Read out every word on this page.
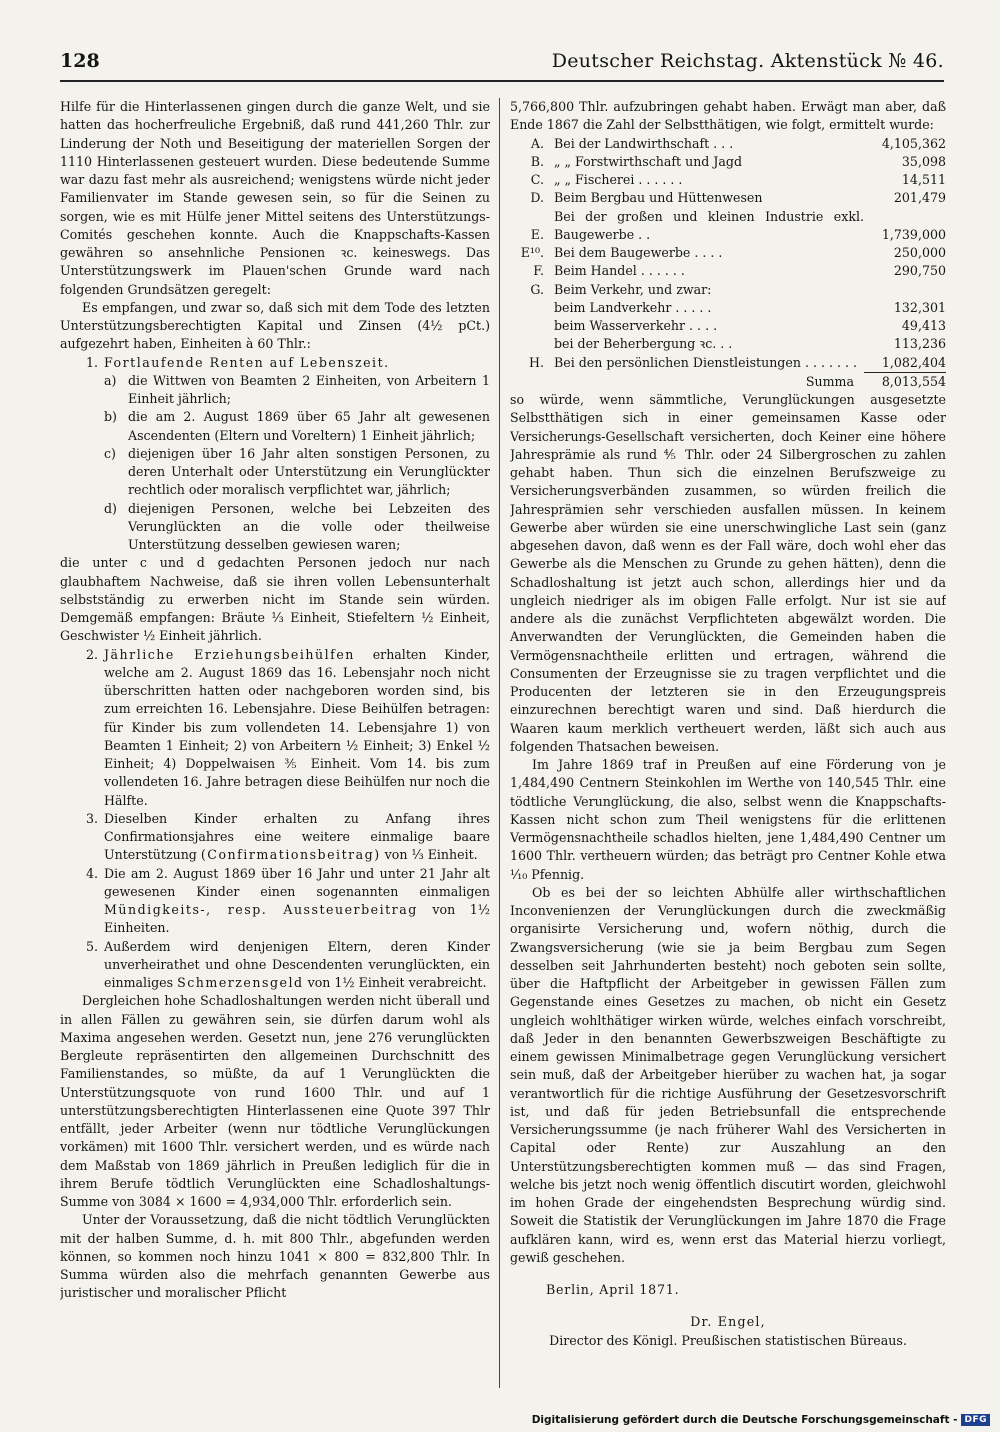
128	Deutscher Reichstag. Aktenstück № 46.

Hilfe für die Hinterlassenen gingen durch die ganze Welt, und sie hatten das hocherfreuliche Ergebniß, daß rund 441,260 Thlr. zur Linderung der Noth und Beseitigung der materiellen Sorgen der 1110 Hinterlassenen gesteuert wurden. Diese bedeutende Summe war dazu fast mehr als ausreichend; wenigstens würde nicht jeder Familienvater im Stande gewesen sein, so für die Seinen zu sorgen, wie es mit Hülfe jener Mittel seitens des Unterstützungs-Comités geschehen konnte. Auch die Knappschafts-Kassen gewähren so ansehnliche Pensionen ꝛc. keineswegs. Das Unterstützungswerk im Plauen'schen Grunde ward nach folgenden Grundsätzen geregelt:

Es empfangen, und zwar so, daß sich mit dem Tode des letzten Unterstützungsberechtigten Kapital und Zinsen (4½ pCt.) aufgezehrt haben, Einheiten à 60 Thlr.:

1. Fortlaufende Renten auf Lebenszeit.
a) die Wittwen von Beamten 2 Einheiten, von Arbeitern 1 Einheit jährlich;
b) die am 2. August 1869 über 65 Jahr alt gewesenen Ascendenten (Eltern und Voreltern) 1 Einheit jährlich;
c) diejenigen über 16 Jahr alten sonstigen Personen, zu deren Unterhalt oder Unterstützung ein Verunglückter rechtlich oder moralisch verpflichtet war, jährlich;
d) diejenigen Personen, welche bei Lebzeiten des Verunglückten an die volle oder theilweise Unterstützung desselben gewiesen waren;

die unter c und d gedachten Personen jedoch nur nach glaubhaftem Nachweise, daß sie ihren vollen Lebensunterhalt selbstständig zu erwerben nicht im Stande sein würden. Demgemäß empfangen: Bräute ⅓ Einheit, Stiefeltern ½ Einheit, Geschwister ½ Einheit jährlich.

2. Jährliche Erziehungsbeihülfen erhalten Kinder, welche am 2. August 1869 das 16. Lebensjahr noch nicht überschritten hatten oder nachgeboren worden sind, bis zum erreichten 16. Lebensjahre. Diese Beihülfen betragen: für Kinder bis zum vollendeten 14. Lebensjahre 1) von Beamten 1 Einheit; 2) von Arbeitern ½ Einheit; 3) Enkel ½ Einheit; 4) Doppelwaisen ⅗ Einheit. Vom 14. bis zum vollendeten 16. Jahre betragen diese Beihülfen nur noch die Hälfte.
3. Dieselben Kinder erhalten zu Anfang ihres Confirmationsjahres eine weitere einmalige baare Unterstützung (Confirmationsbeitrag) von ⅓ Einheit.
4. Die am 2. August 1869 über 16 Jahr und unter 21 Jahr alt gewesenen Kinder einen sogenannten einmaligen Mündigkeits-, resp. Aussteuerbeitrag von 1½ Einheiten.
5. Außerdem wird denjenigen Eltern, deren Kinder unverheirathet und ohne Descendenten verunglückten, ein einmaliges Schmerzensgeld von 1½ Einheit verabreicht.

Dergleichen hohe Schadloshaltungen werden nicht überall und in allen Fällen zu gewähren sein, sie dürfen darum wohl als Maxima angesehen werden. Gesetzt nun, jene 276 verunglückten Bergleute repräsentirten den allgemeinen Durchschnitt des Familienstandes, so müßte, da auf 1 Verunglückten die Unterstützungsquote von rund 1600 Thlr. und auf 1 unterstützungsberechtigten Hinterlassenen eine Quote 397 Thlr entfällt, jeder Arbeiter (wenn nur tödtliche Verunglückungen vorkämen) mit 1600 Thlr. versichert werden, und es würde nach dem Maßstab von 1869 jährlich in Preußen lediglich für die in ihrem Berufe tödtlich Verunglückten eine Schadloshaltungs-Summe von 3084 × 1600 = 4,934,000 Thlr. erforderlich sein.

Unter der Voraussetzung, daß die nicht tödtlich Verunglückten mit der halben Summe, d. h. mit 800 Thlr., abgefunden werden können, so kommen noch hinzu 1041 × 800 = 832,800 Thlr. In Summa würden also die mehrfach genannten Gewerbe aus juristischer und moralischer Pflicht

5,766,800 Thlr. aufzubringen gehabt haben. Erwägt man aber, daß Ende 1867 die Zahl der Selbstthätigen, wie folgt, ermittelt wurde:

A.	Bei der Landwirthschaft . . .	4,105,362
B.	„ „ Forstwirthschaft und Jagd	35,098
C.	„ „ Fischerei . . . . . .	14,511
D.	Beim Bergbau und Hüttenwesen	201,479
E.	Bei der großen und kleinen Industrie exkl. Baugewerbe . .	1,739,000
E¹⁰.	Bei dem Baugewerbe . . . .	250,000
F.	Beim Handel . . . . . .	290,750
G.	Beim Verkehr, und zwar:	
	beim Landverkehr . . . . .	132,301
	beim Wasserverkehr . . . .	49,413
	bei der Beherbergung ꝛc. . .	113,236
H.	Bei den persönlichen Dienstleistungen . . . . . . .	1,082,404
	Summa	8,013,554

so würde, wenn sämmtliche, Verunglückungen ausgesetzte Selbstthätigen sich in einer gemeinsamen Kasse oder Versicherungs-Gesellschaft versicherten, doch Keiner eine höhere Jahresprämie als rund ⅘ Thlr. oder 24 Silbergroschen zu zahlen gehabt haben. Thun sich die einzelnen Berufszweige zu Versicherungsverbänden zusammen, so würden freilich die Jahresprämien sehr verschieden ausfallen müssen. In keinem Gewerbe aber würden sie eine unerschwingliche Last sein (ganz abgesehen davon, daß wenn es der Fall wäre, doch wohl eher das Gewerbe als die Menschen zu Grunde zu gehen hätten), denn die Schadloshaltung ist jetzt auch schon, allerdings hier und da ungleich niedriger als im obigen Falle erfolgt. Nur ist sie auf andere als die zunächst Verpflichteten abgewälzt worden. Die Anverwandten der Verunglückten, die Gemeinden haben die Vermögensnachtheile erlitten und ertragen, während die Consumenten der Erzeugnisse sie zu tragen verpflichtet und die Producenten der letzteren sie in den Erzeugungspreis einzurechnen berechtigt waren und sind. Daß hierdurch die Waaren kaum merklich vertheuert werden, läßt sich auch aus folgenden Thatsachen beweisen.

Im Jahre 1869 traf in Preußen auf eine Förderung von je 1,484,490 Centnern Steinkohlen im Werthe von 140,545 Thlr. eine tödtliche Verunglückung, die also, selbst wenn die Knappschafts-Kassen nicht schon zum Theil wenigstens für die erlittenen Vermögensnachtheile schadlos hielten, jene 1,484,490 Centner um 1600 Thlr. vertheuern würden; das beträgt pro Centner Kohle etwa ¹⁄₁₀ Pfennig.

Ob es bei der so leichten Abhülfe aller wirthschaftlichen Inconvenienzen der Verunglückungen durch die zweckmäßig organisirte Versicherung und, wofern nöthig, durch die Zwangsversicherung (wie sie ja beim Bergbau zum Segen desselben seit Jahrhunderten besteht) noch geboten sein sollte, über die Haftpflicht der Arbeitgeber in gewissen Fällen zum Gegenstande eines Gesetzes zu machen, ob nicht ein Gesetz ungleich wohlthätiger wirken würde, welches einfach vorschreibt, daß Jeder in den benannten Gewerbszweigen Beschäftigte zu einem gewissen Minimalbetrage gegen Verunglückung versichert sein muß, daß der Arbeitgeber hierüber zu wachen hat, ja sogar verantwortlich für die richtige Ausführung der Gesetzesvorschrift ist, und daß für jeden Betriebsunfall die entsprechende Versicherungssumme (je nach früherer Wahl des Versicherten in Capital oder Rente) zur Auszahlung an den Unterstützungsberechtigten kommen muß — das sind Fragen, welche bis jetzt noch wenig öffentlich discutirt worden, gleichwohl im hohen Grade der eingehendsten Besprechung würdig sind. Soweit die Statistik der Verunglückungen im Jahre 1870 die Frage aufklären kann, wird es, wenn erst das Material hierzu vorliegt, gewiß geschehen.

Berlin, April 1871.
Dr. Engel,
Director des Königl. Preußischen statistischen Büreaus.
Digitalisierung gefördert durch die Deutsche Forschungsgemeinschaft - DFG
